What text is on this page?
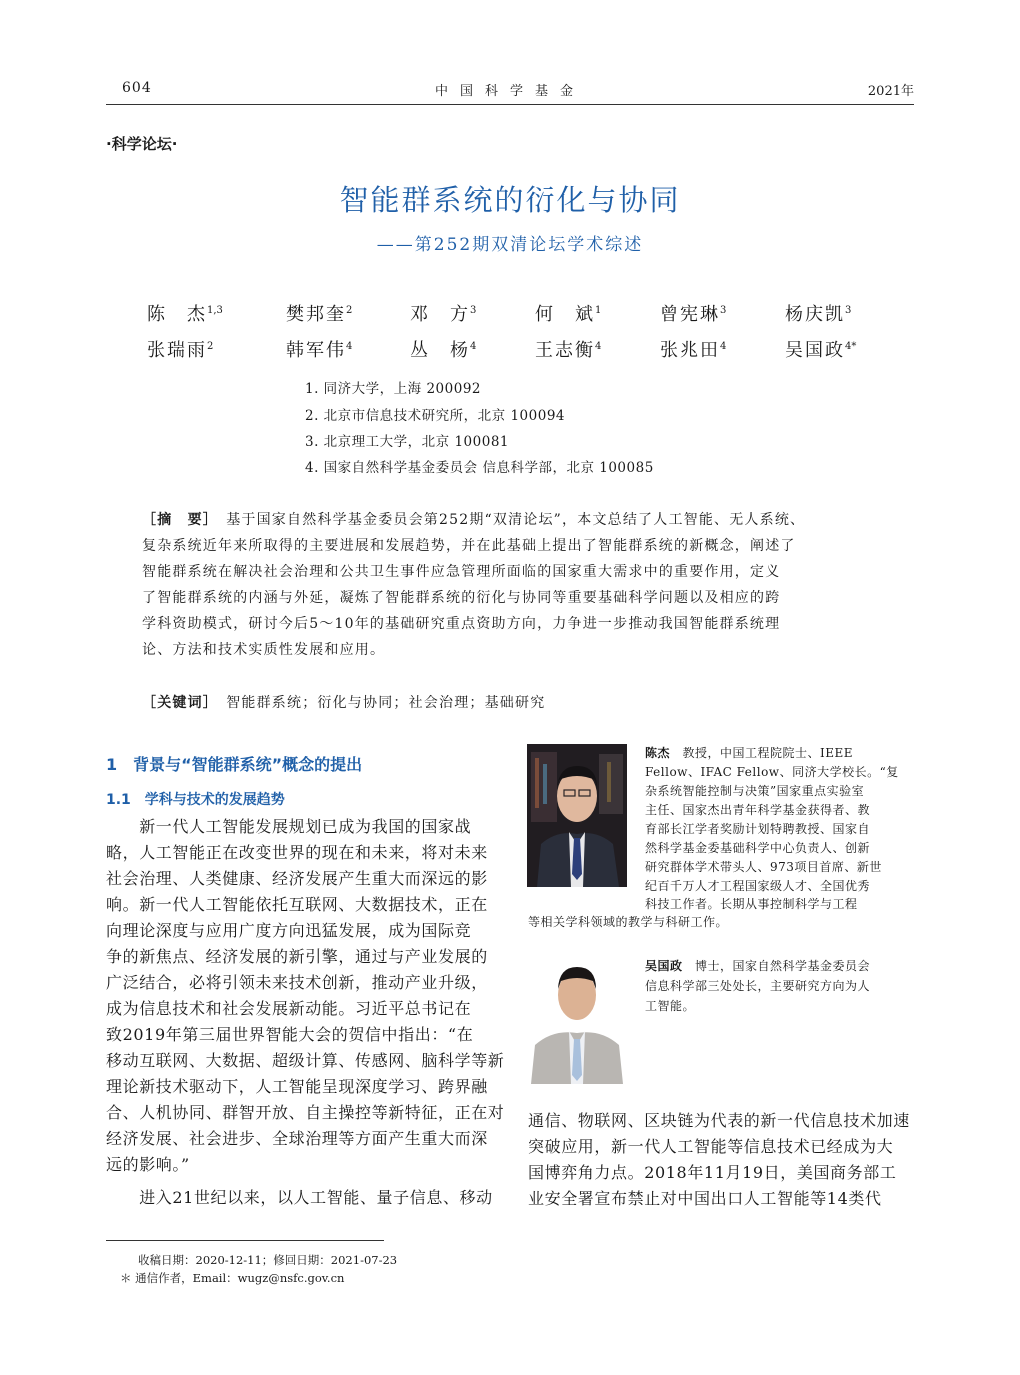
604	中国科学基金	2021年
·科学论坛·
智能群系统的衍化与协同
——第252期双清论坛学术综述
陈　杰$^{1,3}$	樊邦奎$^2$	邓　方$^3$	何　斌$^1$	曾宪琳$^3$	杨庆凯$^3$
张瑞雨$^2$	韩军伟$^4$	丛　杨$^4$	王志衡$^4$	张兆田$^4$	吴国政$^{4*}$
1. 同济大学，上海 200092
2. 北京市信息技术研究所，北京 100094
3. 北京理工大学，北京 100081
4. 国家自然科学基金委员会 信息科学部，北京 100085
［摘　要］　 基于国家自然科学基金委员会第252期“双清论坛”，本文总结了人工智能、无人系统、
复杂系统近年来所取得的主要进展和发展趋势，并在此基础上提出了智能群系统的新概念，阐述了
智能群系统在解决社会治理和公共卫生事件应急管理所面临的国家重大需求中的重要作用，定义
了智能群系统的内涵与外延，凝炼了智能群系统的衍化与协同等重要基础科学问题以及相应的跨
学科资助模式，研讨今后5～10年的基础研究重点资助方向，力争进一步推动我国智能群系统理
论、方法和技术实质性发展和应用。
［关键词］　 智能群系统；衍化与协同；社会治理；基础研究
1　背景与“智能群系统”概念的提出
1.1　学科与技术的发展趋势
　　新一代人工智能发展规划已成为我国的国家战
略，人工智能正在改变世界的现在和未来，将对未来
社会治理、人类健康、经济发展产生重大而深远的影
响。新一代人工智能依托互联网、大数据技术，正在
向理论深度与应用广度方向迅猛发展，成为国际竞
争的新焦点、经济发展的新引擎，通过与产业发展的
广泛结合，必将引领未来技术创新，推动产业升级，
成为信息技术和社会发展新动能。习近平总书记在
致2019年第三届世界智能大会的贺信中指出：“在
移动互联网、大数据、超级计算、传感网、脑科学等新
理论新技术驱动下，人工智能呈现深度学习、跨界融
合、人机协同、群智开放、自主操控等新特征，正在对
经济发展、社会进步、全球治理等方面产生重大而深
远的影响。”
　　进入21世纪以来，以人工智能、量子信息、移动
陈杰　教授，中国工程院院士、IEEE
Fellow、IFAC Fellow、同济大学校长。“复
杂系统智能控制与决策”国家重点实验室
主任、国家杰出青年科学基金获得者、教
育部长江学者奖励计划特聘教授、国家自
然科学基金委基础科学中心负责人、创新
研究群体学术带头人、973项目首席、新世
纪百千万人才工程国家级人才、全国优秀
科技工作者。长期从事控制科学与工程
等相关学科领域的教学与科研工作。
吴国政　博士，国家自然科学基金委员会
信息科学部三处处长，主要研究方向为人
工智能。
通信、物联网、区块链为代表的新一代信息技术加速
突破应用，新一代人工智能等信息技术已经成为大
国博弈角力点。2018年11月19日，美国商务部工
业安全署宣布禁止对中国出口人工智能等14类代
收稿日期：2020-12-11；修回日期：2021-07-23
＊ 通信作者，Email：wugz@nsfc.gov.cn
